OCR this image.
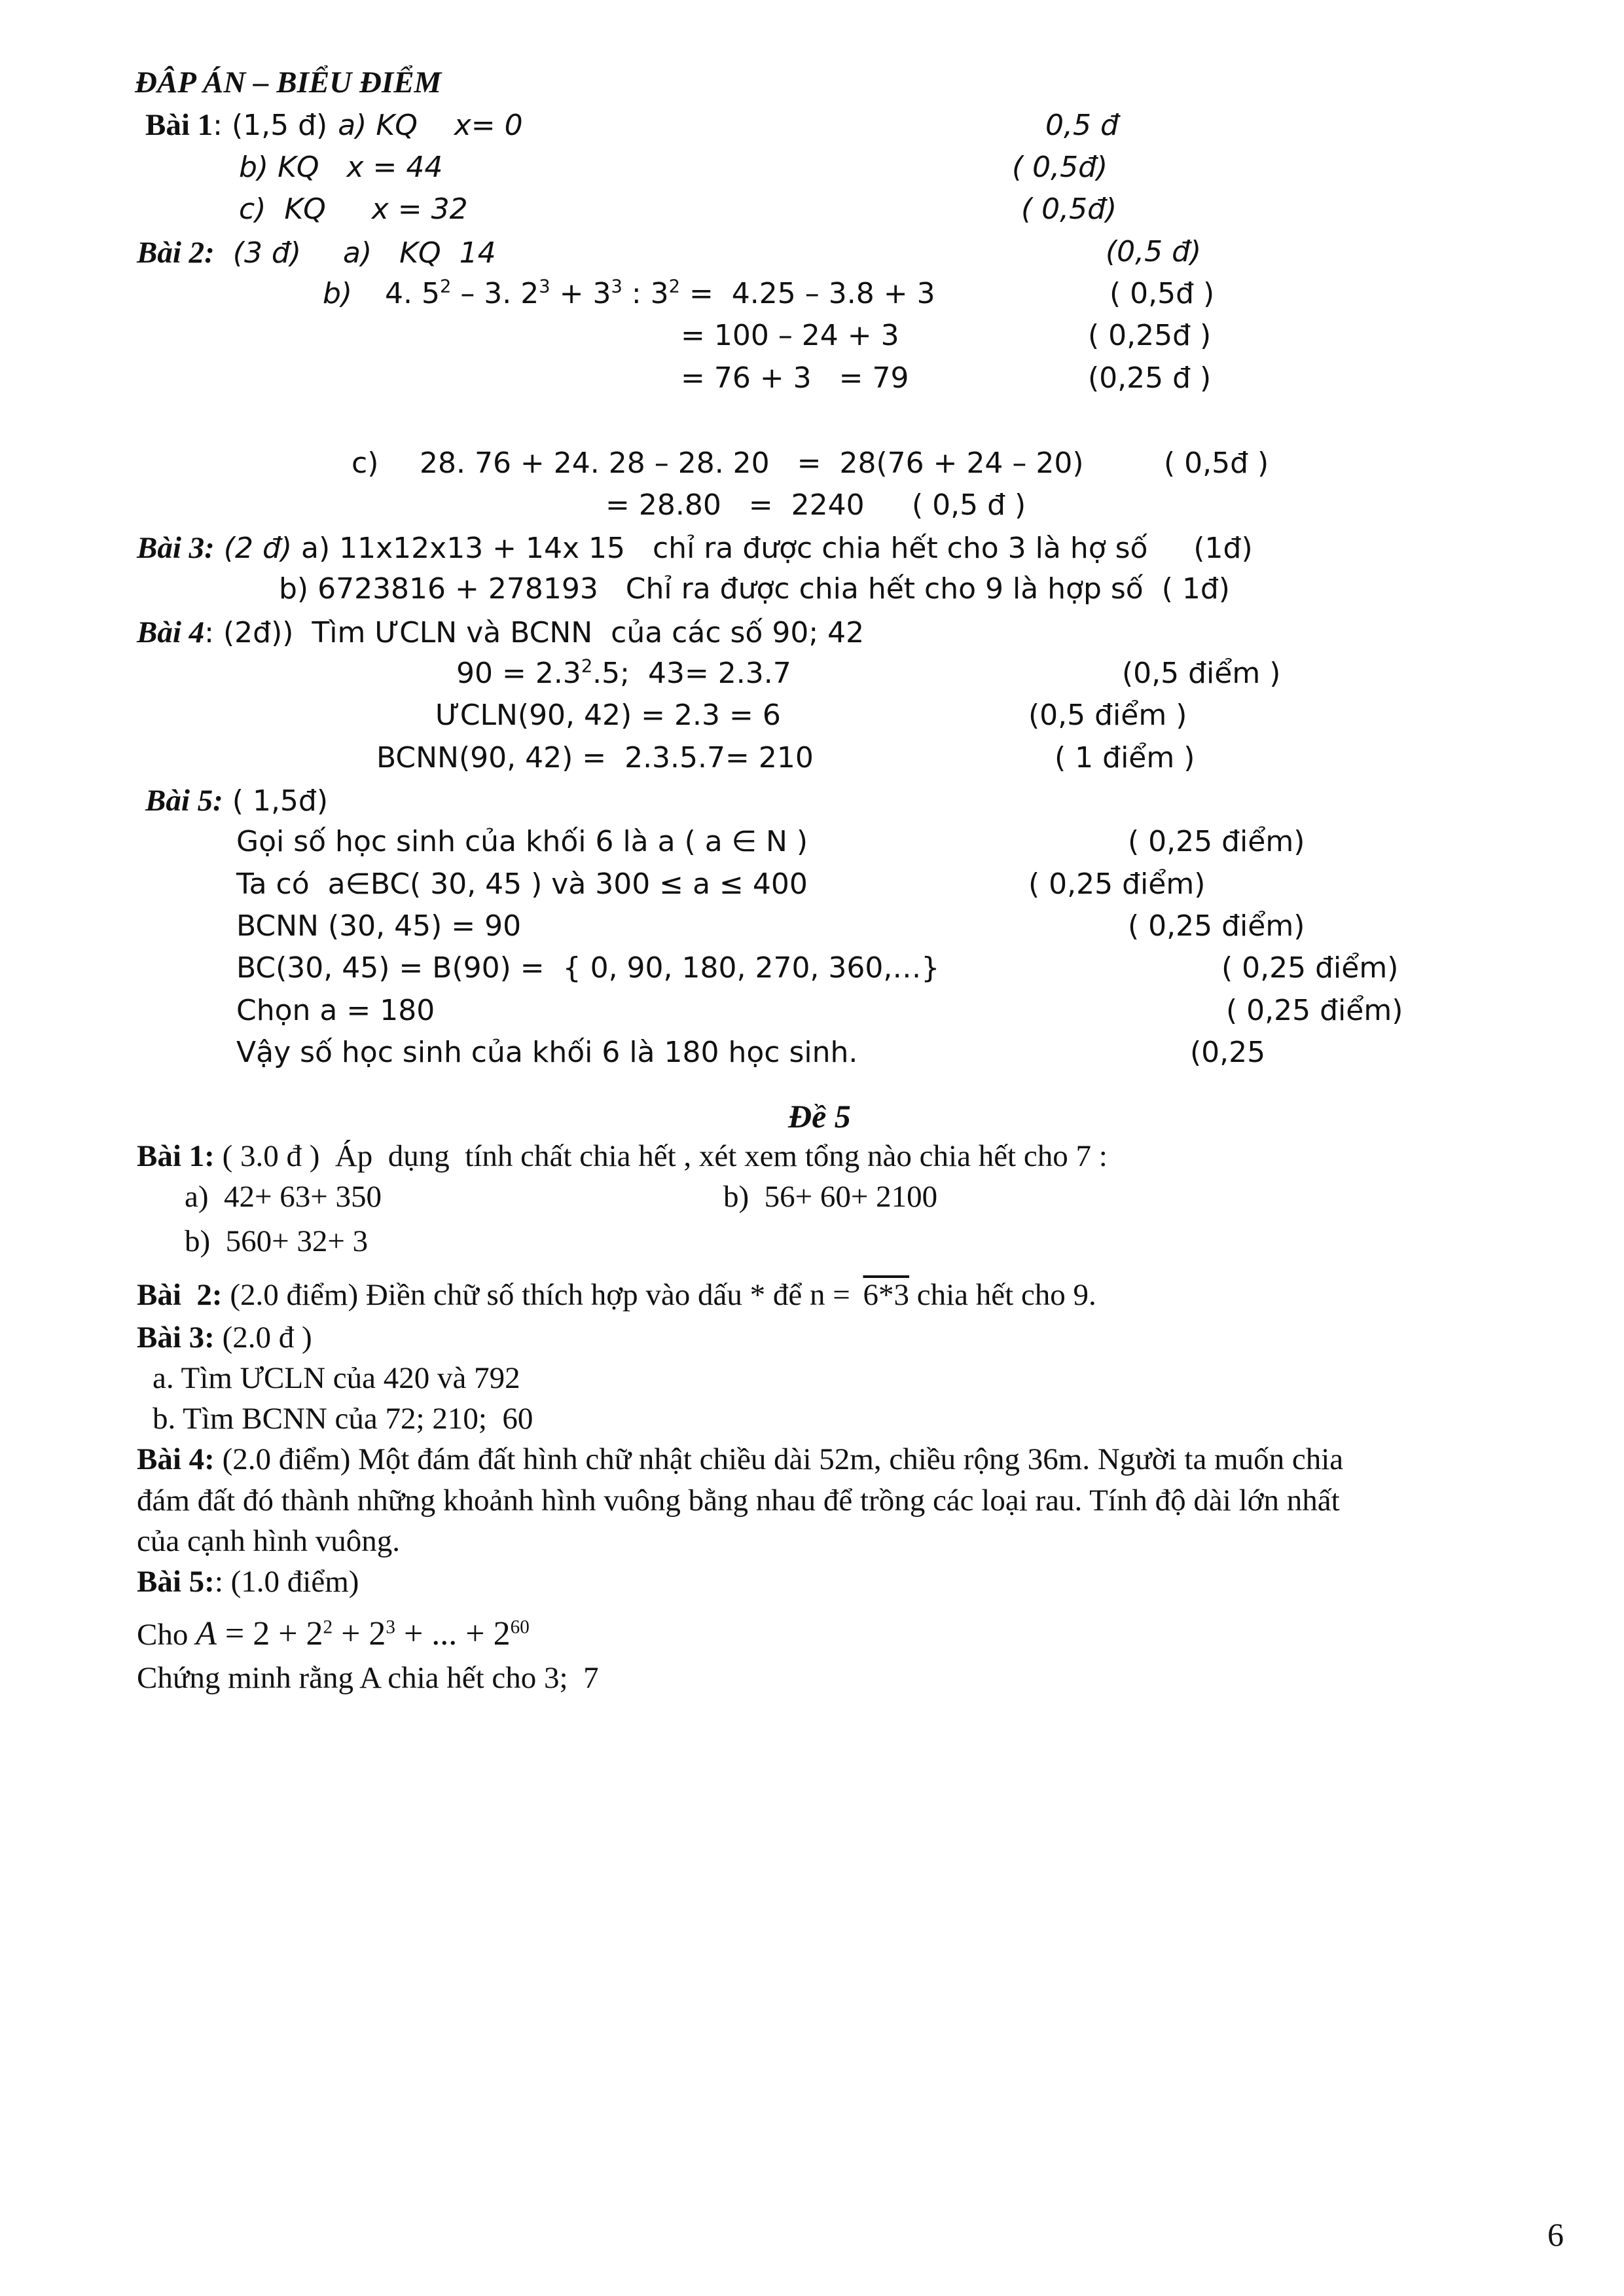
ĐÂP ÁN – BIỂU ĐIỂM
Bài 1: (1,5 đ) a) KQ    x= 0	0,5 đ
b) KQ   x = 44	( 0,5đ)
c)  KQ     x = 32	( 0,5đ)
Bài 2:  (3 đ) a)   KQ  14	(0,5 đ)
b) 4. $5^2 - 3$. $2^3 + 3^3$ : $3^2 = 4.25 - 3.8 + 3$	( 0,5đ )
= 100 – 24 + 3	( 0,25đ )
= 76 + 3   = 79	(0,25 đ )
c) 28. 76 + 24. 28 – 28. 20   =  28(76 + 24 – 20)	( 0,5đ )
= 28.80   =  2240 ( 0,5 đ )
Bài 3: (2 đ) a) 11x12x13 + 14x 15   chỉ ra được chia hết cho 3 là hợ số     (1đ)
b) 6723816 + 278193   Chỉ ra được chia hết cho 9 là hợp số  ( 1đ)
Bài 4: (2đ))  Tìm ƯCLN và BCNN  của các số 90; 42
$90 = 2.3^2.5$;  43= 2.3.7	(0,5 điểm )
ƯCLN(90, 42) = 2.3 = 6	(0,5 điểm )
BCNN(90, 42) =  2.3.5.7= 210	( 1 điểm )
Bài 5: ( 1,5đ)
Gọi số học sinh của khối 6 là a ( a ∈ N )	( 0,25 điểm)
Ta có  a∈BC( 30, 45 ) và 300 ≤ a ≤ 400	( 0,25 điểm)
BCNN (30, 45) = 90	( 0,25 điểm)
BC(30, 45) = B(90) =  { 0, 90, 180, 270, 360,…}	( 0,25 điểm)
Chọn a = 180	( 0,25 điểm)
Vậy số học sinh của khối 6 là 180 học sinh.	(0,25
Đề 5
Bài 1: ( 3.0 đ )  Áp  dụng  tính chất chia hết , xét xem tổng nào chia hết cho 7 :
a)  42+ 63+ 350	b)  56+ 60+ 2100
b)  560+ 32+ 3
Bài  2: (2.0 điểm) Điền chữ số thích hợp vào dấu * để n = 6*3 chia hết cho 9.
Bài 3: (2.0 đ )
a. Tìm ƯCLN của 420 và 792
b. Tìm BCNN của 72; 210;  60
Bài 4: (2.0 điểm) Một đám đất hình chữ nhật chiều dài 52m, chiều rộng 36m. Người ta muốn chia
đám đất đó thành những khoảnh hình vuông bằng nhau để trồng các loại rau. Tính độ dài lớn nhất
của cạnh hình vuông.
Bài 5:: (1.0 điểm)
Cho $A = 2 + 2^2 + 2^3$ + ... + $2^{60}$
Chứng minh rằng A chia hết cho 3;  7
6
